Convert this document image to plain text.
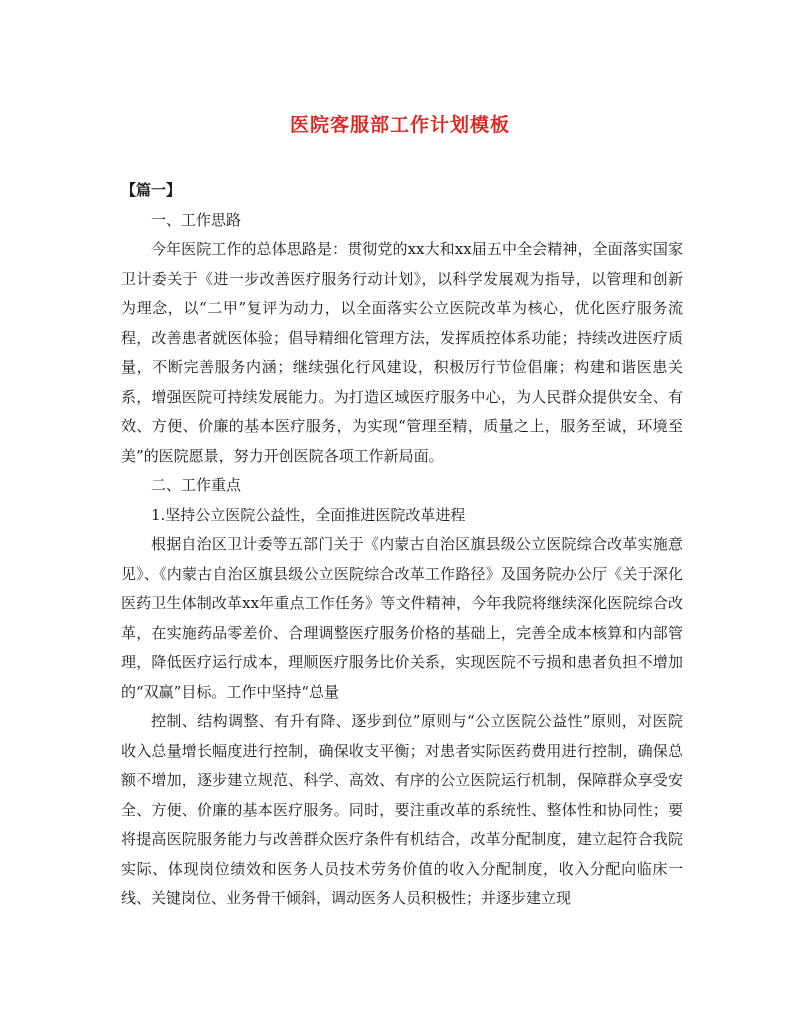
医院客服部工作计划模板

【篇一】

一、工作思路

今年医院工作的总体思路是：贯彻党的xx大和xx届五中全会精神，全面落实国家卫计委关于《进一步改善医疗服务行动计划》，以科学发展观为指导，以管理和创新为理念，以“二甲”复评为动力，以全面落实公立医院改革为核心，优化医疗服务流程，改善患者就医体验；倡导精细化管理方法，发挥质控体系功能；持续改进医疗质量，不断完善服务内涵；继续强化行风建设，积极厉行节俭倡廉；构建和谐医患关系，增强医院可持续发展能力。为打造区域医疗服务中心，为人民群众提供安全、有效、方便、价廉的基本医疗服务，为实现“管理至精，质量之上，服务至诚，环境至美”的医院愿景，努力开创医院各项工作新局面。

二、工作重点

1.坚持公立医院公益性，全面推进医院改革进程

根据自治区卫计委等五部门关于《内蒙古自治区旗县级公立医院综合改革实施意见》、《内蒙古自治区旗县级公立医院综合改革工作路径》及国务院办公厅《关于深化医药卫生体制改革xx年重点工作任务》等文件精神，今年我院将继续深化医院综合改革，在实施药品零差价、合理调整医疗服务价格的基础上，完善全成本核算和内部管理，降低医疗运行成本，理顺医疗服务比价关系，实现医院不亏损和患者负担不增加的“双赢”目标。工作中坚持“总量

控制、结构调整、有升有降、逐步到位”原则与“公立医院公益性”原则，对医院收入总量增长幅度进行控制，确保收支平衡；对患者实际医药费用进行控制，确保总额不增加，逐步建立规范、科学、高效、有序的公立医院运行机制，保障群众享受安全、方便、价廉的基本医疗服务。同时，要注重改革的系统性、整体性和协同性；要将提高医院服务能力与改善群众医疗条件有机结合，改革分配制度，建立起符合我院实际、体现岗位绩效和医务人员技术劳务价值的收入分配制度，收入分配向临床一线、关键岗位、业务骨干倾斜，调动医务人员积极性；并逐步建立现
